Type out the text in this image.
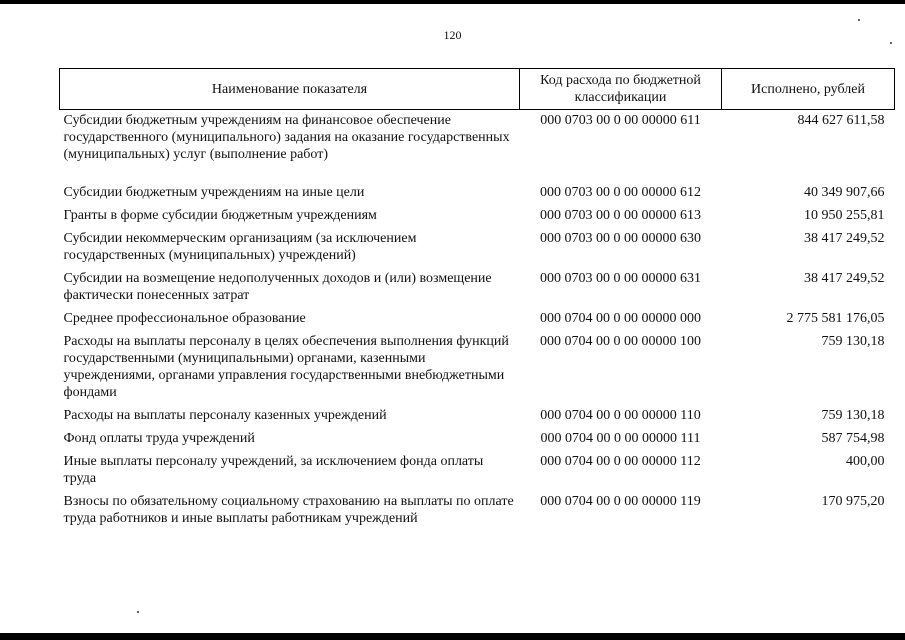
120
Наименование показателя	Код расхода по бюджетной классификации	Исполнено, рублей
Субсидии бюджетным учреждениям на финансовое обеспечение государственного (муниципального) задания на оказание государственных (муниципальных) услуг (выполнение работ)	000 0703 00 0 00 00000 611	844 627 611,58
Субсидии бюджетным учреждениям на иные цели	000 0703 00 0 00 00000 612	40 349 907,66
Гранты в форме субсидии бюджетным учреждениям	000 0703 00 0 00 00000 613	10 950 255,81
Субсидии некоммерческим организациям (за исключением государственных (муниципальных) учреждений)	000 0703 00 0 00 00000 630	38 417 249,52
Субсидии на возмещение недополученных доходов и (или) возмещение фактически понесенных затрат	000 0703 00 0 00 00000 631	38 417 249,52
Среднее профессиональное образование	000 0704 00 0 00 00000 000	2 775 581 176,05
Расходы на выплаты персоналу в целях обеспечения выполнения функций государственными (муниципальными) органами, казенными учреждениями, органами управления государственными внебюджетными фондами	000 0704 00 0 00 00000 100	759 130,18
Расходы на выплаты персоналу казенных учреждений	000 0704 00 0 00 00000 110	759 130,18
Фонд оплаты труда учреждений	000 0704 00 0 00 00000 111	587 754,98
Иные выплаты персоналу учреждений, за исключением фонда оплаты труда	000 0704 00 0 00 00000 112	400,00
Взносы по обязательному социальному страхованию на выплаты по оплате труда работников и иные выплаты работникам учреждений	000 0704 00 0 00 00000 119	170 975,20
